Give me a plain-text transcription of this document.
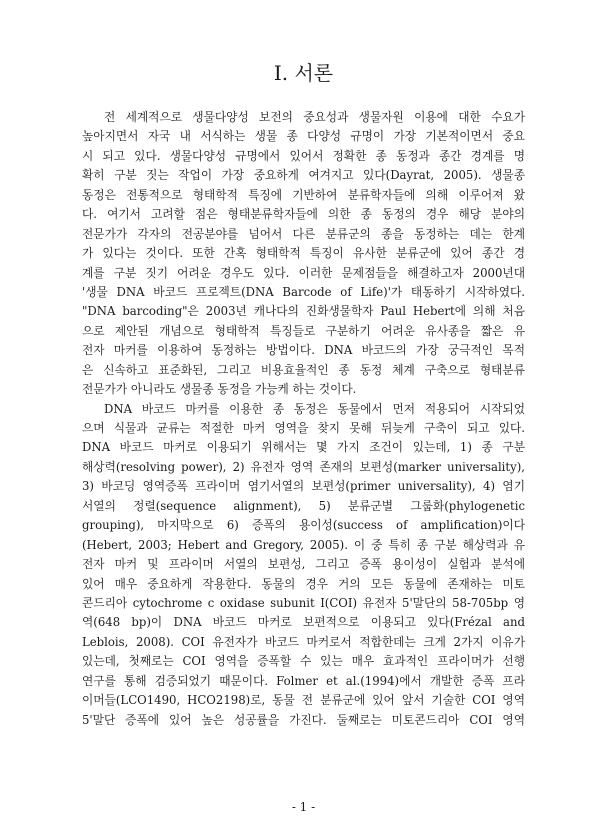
I. 서론
전 세계적으로 생물다양성 보전의 중요성과 생물자원 이용에 대한 수요가
높아지면서 자국 내 서식하는 생물 종 다양성 규명이 가장 기본적이면서 중요
시 되고 있다. 생물다양성 규명에서 있어서 정확한 종 동정과 종간 경계를 명
확히 구분 짓는 작업이 가장 중요하게 여겨지고 있다(Dayrat, 2005). 생물종
동정은 전통적으로 형태학적 특징에 기반하여 분류학자들에 의해 이루어져 왔
다. 여기서 고려할 점은 형태분류학자들에 의한 종 동정의 경우 해당 분야의
전문가가 각자의 전공분야를 넘어서 다른 분류군의 종을 동정하는 데는 한계
가 있다는 것이다. 또한 간혹 형태학적 특징이 유사한 분류군에 있어 종간 경
계를 구분 짓기 어려운 경우도 있다. 이러한 문제점들을 해결하고자 2000년대
'생물 DNA 바코드 프로젝트(DNA Barcode of Life)'가 태동하기 시작하였다.
"DNA barcoding"은 2003년 캐나다의 진화생물학자 Paul Hebert에 의해 처음
으로 제안된 개념으로 형태학적 특징들로 구분하기 어려운 유사종을 짧은 유
전자 마커를 이용하여 동정하는 방법이다. DNA 바코드의 가장 궁극적인 목적
은 신속하고 표준화된, 그리고 비용효율적인 종 동정 체계 구축으로 형태분류
전문가가 아니라도 생물종 동정을 가능케 하는 것이다.
DNA 바코드 마커를 이용한 종 동정은 동물에서 먼저 적용되어 시작되었
으며 식물과 균류는 적절한 마커 영역을 찾지 못해 뒤늦게 구축이 되고 있다.
DNA 바코드 마커로 이용되기 위해서는 몇 가지 조건이 있는데, 1) 종 구분
해상력(resolving power), 2) 유전자 영역 존재의 보편성(marker universality),
3) 바코딩 영역증폭 프라이머 염기서열의 보편성(primer universality), 4) 염기
서열의 정렬(sequence alignment), 5) 분류군별 그룹화(phylogenetic
grouping), 마지막으로 6) 증폭의 용이성(success of amplification)이다
(Hebert, 2003; Hebert and Gregory, 2005). 이 중 특히 종 구분 해상력과 유
전자 마커 및 프라이머 서열의 보편성, 그리고 증폭 용이성이 실험과 분석에
있어 매우 중요하게 작용한다. 동물의 경우 거의 모든 동물에 존재하는 미토
콘드리아 cytochrome c oxidase subunit I(COI) 유전자 5'말단의 58-705bp 영
역(648 bp)이 DNA 바코드 마커로 보편적으로 이용되고 있다(Frézal and
Leblois, 2008). COI 유전자가 바코드 마커로서 적합한데는 크게 2가지 이유가
있는데, 첫째로는 COI 영역을 증폭할 수 있는 매우 효과적인 프라이머가 선행
연구를 통해 검증되었기 때문이다. Folmer et al.(1994)에서 개발한 증폭 프라
이머들(LCO1490, HCO2198)로, 동물 전 분류군에 있어 앞서 기술한 COI 영역
5'말단 증폭에 있어 높은 성공률을 가진다. 둘째로는 미토콘드리아 COI 영역
- 1 -
